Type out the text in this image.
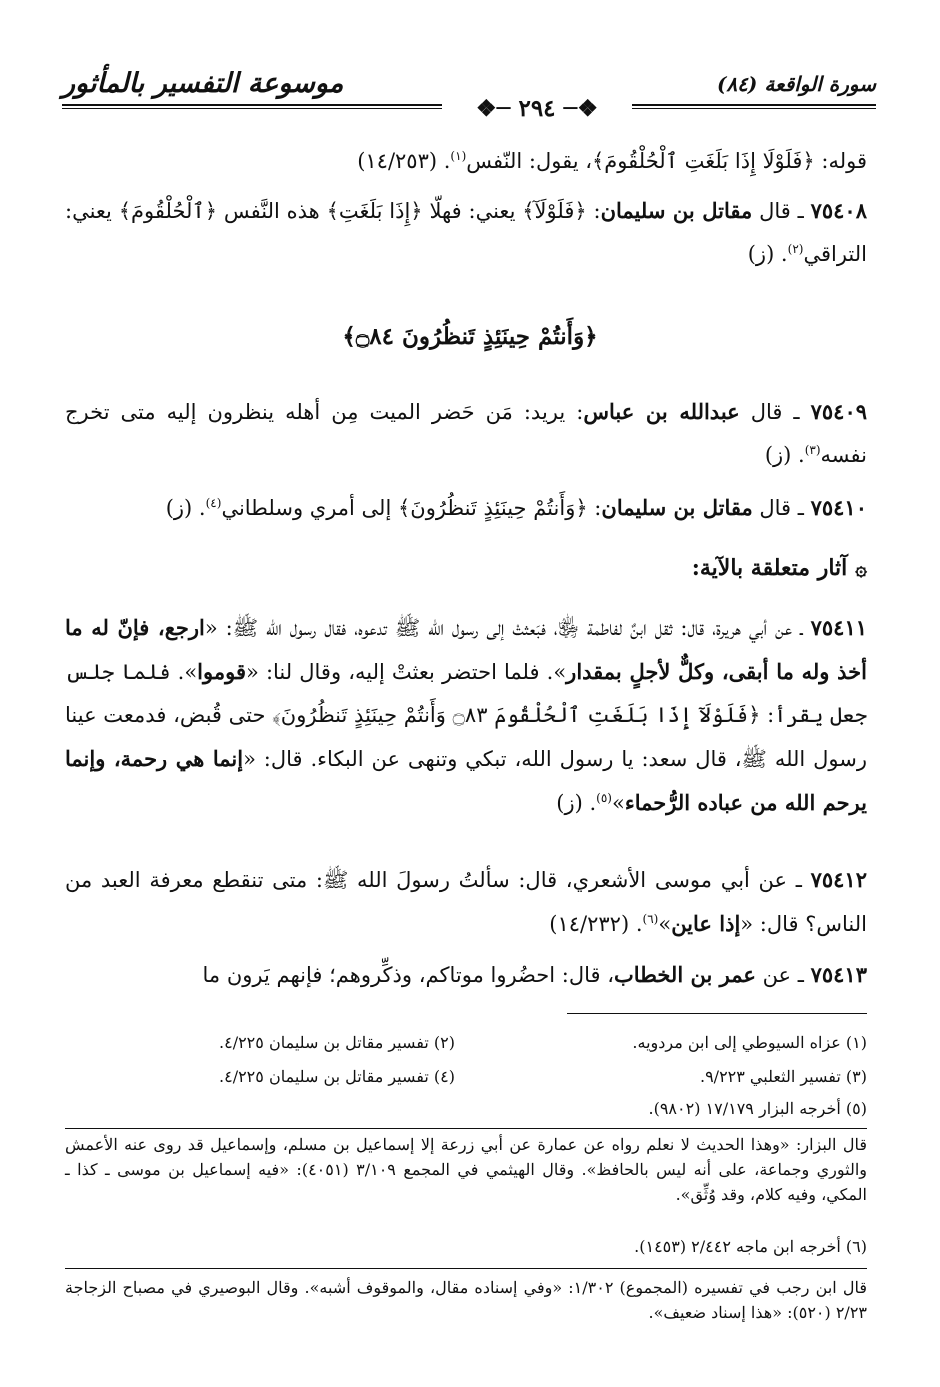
موسوعة التفسير بالمأثور	سورة الواقعة (٨٤)
❖─ ٢٩٤ ─❖
قوله: ﴿فَلَوْلَا إِذَا بَلَغَتِ ٱلْحُلْقُومَ﴾، يقول: النّفس$^{(١)}$. (١٤/٢٥٣)
٧٥٤٠٨ ـ قال مقاتل بن سليمان: ﴿فَلَوْلَآ﴾ يعني: فهلّا ﴿إِذَا بَلَغَتِ﴾ هذه النَّفس ﴿ٱلْحُلْقُومَ﴾ يعني: التراقي$^{(٢)}$. (ز)
﴿وَأَنتُمْ حِينَئِذٍ تَنظُرُونَ ۝٨٤﴾
٧٥٤٠٩ ـ قال عبدالله بن عباس: يريد: مَن حَضر الميت مِن أهله ينظرون إليه متى تخرج نفسه$^{(٣)}$. (ز)
٧٥٤١٠ ـ قال مقاتل بن سليمان: ﴿وَأَنتُمْ حِينَئِذٍ تَنظُرُونَ﴾ إلى أمري وسلطاني$^{(٤)}$. (ز)
۞آثار متعلقة بالآية:
٧٥٤١١ ـ عن أبي هريرة، قال: ثقل ابنٌ لفاطمة ﵂، فبَعثتْ إلى رسول الله ﷺ تدعوه، فقال رسول الله ﷺ: «ارجع، فإنّ له ما أخذ وله ما أبقى، وكلٌّ لأجلٍ بمقدار». فلما احتضر بعثتْ إليه، وقال لنا: «قوموا». فلما جلس جعل يقرأ: ﴿فَلَوْلَآ إِذَا بَلَغَتِ ٱلْحُلْقُومَ ۝٨٣ وَأَنتُمْ حِينَئِذٍ تَنظُرُونَ﴾ حتى قُبض، فدمعت عينا رسول الله ﷺ، قال سعد: يا رسول الله، تبكي وتنهى عن البكاء. قال: «إنما هي رحمة، وإنما يرحم الله من عباده الرُّحماء»$^{(٥)}$. (ز)
٧٥٤١٢ ـ عن أبي موسى الأشعري، قال: سألتُ رسولَ الله ﷺ: متى تنقطع معرفة العبد من الناس؟ قال: «إذا عاين»$^{(٦)}$. (١٤/٢٣٢)
٧٥٤١٣ ـ عن عمر بن الخطاب، قال: احضُروا موتاكم، وذكِّروهم؛ فإنهم يَرون ما
(١) عزاه السيوطي إلى ابن مردويه.
(٢) تفسير مقاتل بن سليمان ٤/٢٢٥.
(٣) تفسير الثعلبي ٩/٢٢٣.
(٤) تفسير مقاتل بن سليمان ٤/٢٢٥.
(٥) أخرجه البزار ١٧/١٧٩ (٩٨٠٢).
قال البزار: «وهذا الحديث لا نعلم رواه عن عمارة عن أبي زرعة إلا إسماعيل بن مسلم، وإسماعيل قد روى عنه الأعمش والثوري وجماعة، على أنه ليس بالحافظ». وقال الهيثمي في المجمع ٣/١٠٩ (٤٠٥١): «فيه إسماعيل بن موسى ـ كذا ـ المكي، وفيه كلام، وقد وُثِّق».
(٦) أخرجه ابن ماجه ٢/٤٤٢ (١٤٥٣).
قال ابن رجب في تفسيره (المجموع) ١/٣٠٢: «وفي إسناده مقال، والموقوف أشبه». وقال البوصيري في مصباح الزجاجة ٢/٢٣ (٥٢٠): «هذا إسناد ضعيف».
